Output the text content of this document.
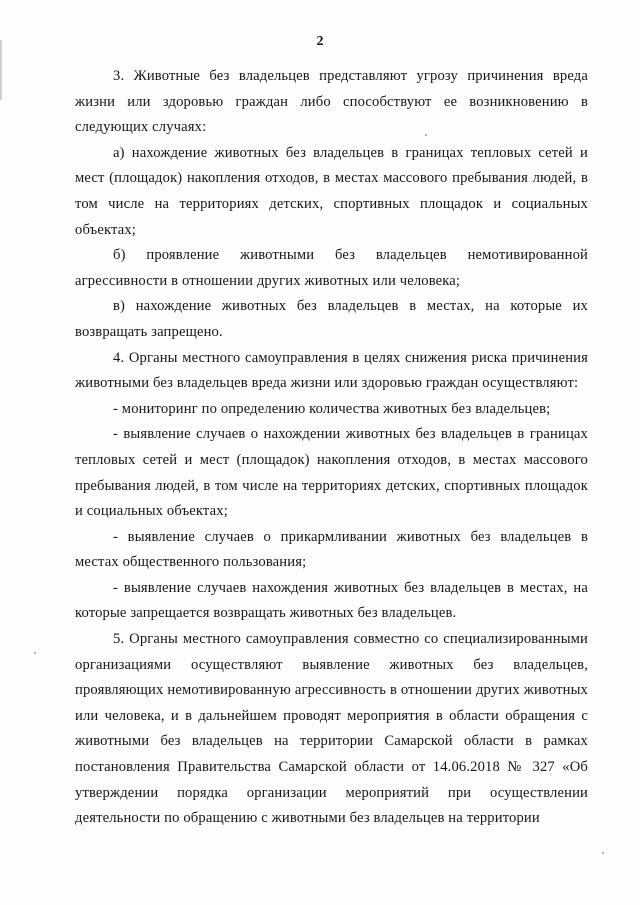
2

3. Животные без владельцев представляют угрозу причинения вреда жизни или здоровью граждан либо способствуют ее возникновению в следующих случаях:

а) нахождение животных без владельцев в границах тепловых сетей и мест (площадок) накопления отходов, в местах массового пребывания людей, в том числе на территориях детских, спортивных площадок и социальных объектах;

б) проявление животными без владельцев немотивированной агрессивности в отношении других животных или человека;

в) нахождение животных без владельцев в местах, на которые их возвращать запрещено.

4. Органы местного самоуправления в целях снижения риска причинения животными без владельцев вреда жизни или здоровью граждан осуществляют:

- мониторинг по определению количества животных без владельцев;

- выявление случаев о нахождении животных без владельцев в границах тепловых сетей и мест (площадок) накопления отходов, в местах массового пребывания людей, в том числе на территориях детских, спортивных площадок и социальных объектах;

- выявление случаев о прикармливании животных без владельцев в местах общественного пользования;

- выявление случаев нахождения животных без владельцев в местах, на которые запрещается возвращать животных без владельцев.

5. Органы местного самоуправления совместно со специализированными организациями осуществляют выявление животных без владельцев, проявляющих немотивированную агрессивность в отношении других животных или человека, и в дальнейшем проводят мероприятия в области обращения с животными без владельцев на территории Самарской области в рамках постановления Правительства Самарской области от 14.06.2018 № 327 «Об утверждении порядка организации мероприятий при осуществлении деятельности по обращению с животными без владельцев на территории
